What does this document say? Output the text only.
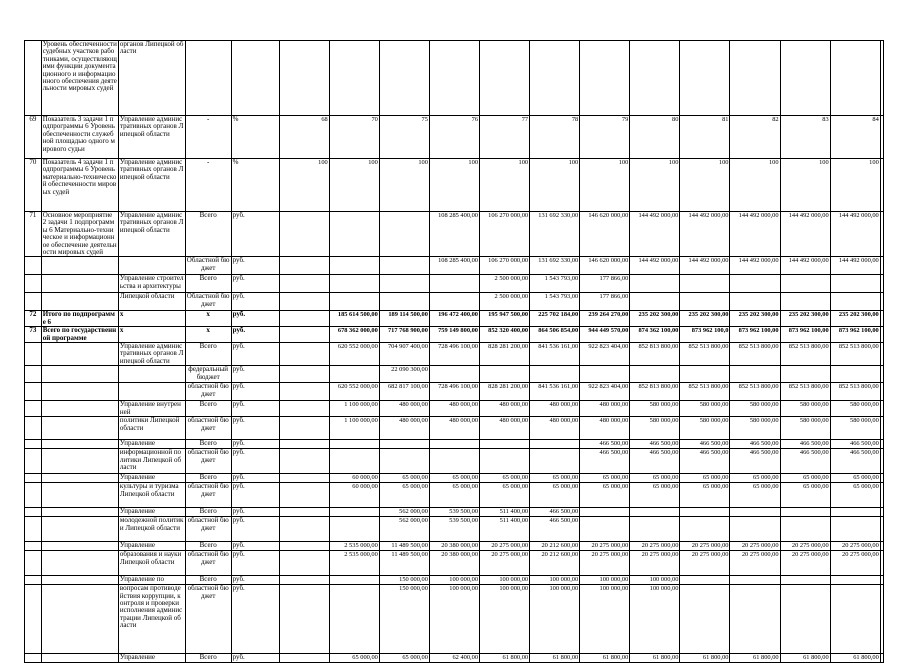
	Уровень обеспеченности судебных участков работниками, осуществляющими функции документационного и информационного обеспечения деятельности мировых судей	органов Липецкой области															
69	Показатель 3 задачи 1 подпрограммы 6 Уровень обеспеченности служебной площадью одного мирового судьи	Управление административных органов Липецкой области	-	%	68	70	75	76	77	78	79	80	81	82	83	84	
70	Показатель 4 задачи 1 подпрограммы 6 Уровень материально-технической обеспеченности мировых судей	Управление административных органов Липецкой области	-	%	100	100	100	100	100	100	100	100	100	100	100	100	
71	Основное мероприятие 2 задачи 1 подпрограммы 6 Материально-техническое и информационное обеспечение деятельности мировых судей	Управление административных органов Липецкой области	Всего	руб.				108 285 400,00	106 270 000,00	131 692 330,00	146 620 000,00	144 492 000,00	144 492 000,00	144 492 000,00	144 492 000,00	144 492 000,00	
			Областной бюджет	руб.				108 285 400,00	106 270 000,00	131 692 330,00	146 620 000,00	144 492 000,00	144 492 000,00	144 492 000,00	144 492 000,00	144 492 000,00	
		Управление строительства и архитектуры	Всего	руб.					2 500 000,00	1 543 793,00	177 866,00						
		Липецкой области	Областной бюджет	руб.					2 500 000,00	1 543 793,00	177 866,00						
72	Итого по подпрограмме 6	x	x	руб.		185 614 500,00	189 114 500,00	196 472 400,00	195 947 500,00	225 702 184,00	239 264 270,00	235 202 300,00	235 202 300,00	235 202 300,00	235 202 300,00	235 202 300,00	
73	Всего по государственной программе	x	x	руб.		678 362 000,00	717 768 900,00	759 149 800,00	852 320 400,00	864 506 854,00	944 449 570,00	874 362 100,00	873 962 100,0	873 962 100,00	873 962 100,00	873 962 100,00	
		Управление административных органов Липецкой области	Всего	руб.		620 552 000,00	704 907 400,00	728 496 100,00	828 281 200,00	841 536 161,00	922 823 404,00	852 813 800,00	852 513 800,00	852 513 800,00	852 513 800,00	852 513 800,00	
			федеральный бюджет	руб.			22 090 300,00										
			областной бюджет	руб.		620 552 000,00	682 817 100,00	728 496 100,00	828 281 200,00	841 536 161,00	922 823 404,00	852 813 800,00	852 513 800,00	852 513 800,00	852 513 800,00	852 513 800,00	
		Управление внутренней	Всего	руб.		1 100 000,00	480 000,00	480 000,00	480 000,00	480 000,00	480 000,00	580 000,00	580 000,00	580 000,00	580 000,00	580 000,00	
		политики Липецкой области	областной бюджет	руб.		1 100 000,00	480 000,00	480 000,00	480 000,00	480 000,00	480 000,00	580 000,00	580 000,00	580 000,00	580 000,00	580 000,00	
		Управление	Всего	руб.							466 500,00	466 500,00	466 500,00	466 500,00	466 500,00	466 500,00	
		информационной политики Липецкой области	областной бюджет	руб.							466 500,00	466 500,00	466 500,00	466 500,00	466 500,00	466 500,00	
		Управление	Всего	руб.		60 000,00	65 000,00	65 000,00	65 000,00	65 000,00	65 000,00	65 000,00	65 000,00	65 000,00	65 000,00	65 000,00	
		культуры и туризма Липецкой области	областной бюджет	руб.		60 000,00	65 000,00	65 000,00	65 000,00	65 000,00	65 000,00	65 000,00	65 000,00	65 000,00	65 000,00	65 000,00	
		Управление	Всего	руб.			562 000,00	539 500,00	511 400,00	466 500,00							
		молодежной политики Липецкой области	областной бюджет	руб.			562 000,00	539 500,00	511 400,00	466 500,00							
		Управление	Всего	руб.		2 535 000,00	11 489 500,00	20 380 000,00	20 275 000,00	20 212 600,00	20 275 000,00	20 275 000,00	20 275 000,00	20 275 000,00	20 275 000,00	20 275 000,00	
		образования и науки Липецкой области	областной бюджет	руб.		2 535 000,00	11 489 500,00	20 380 000,00	20 275 000,00	20 212 600,00	20 275 000,00	20 275 000,00	20 275 000,00	20 275 000,00	20 275 000,00	20 275 000,00	
		Управление по	Всего	руб.			150 000,00	100 000,00	100 000,00	100 000,00	100 000,00	100 000,00					
		вопросам противодействия коррупции, контроля и проверки исполнения администрации Липецкой области	областной бюджет	руб.			150 000,00	100 000,00	100 000,00	100 000,00	100 000,00	100 000,00					
		Управление	Всего	руб.		65 000,00	65 000,00	62 400,00	61 800,00	61 800,00	61 800,00	61 800,00	61 800,00	61 800,00	61 800,00	61 800,00	
